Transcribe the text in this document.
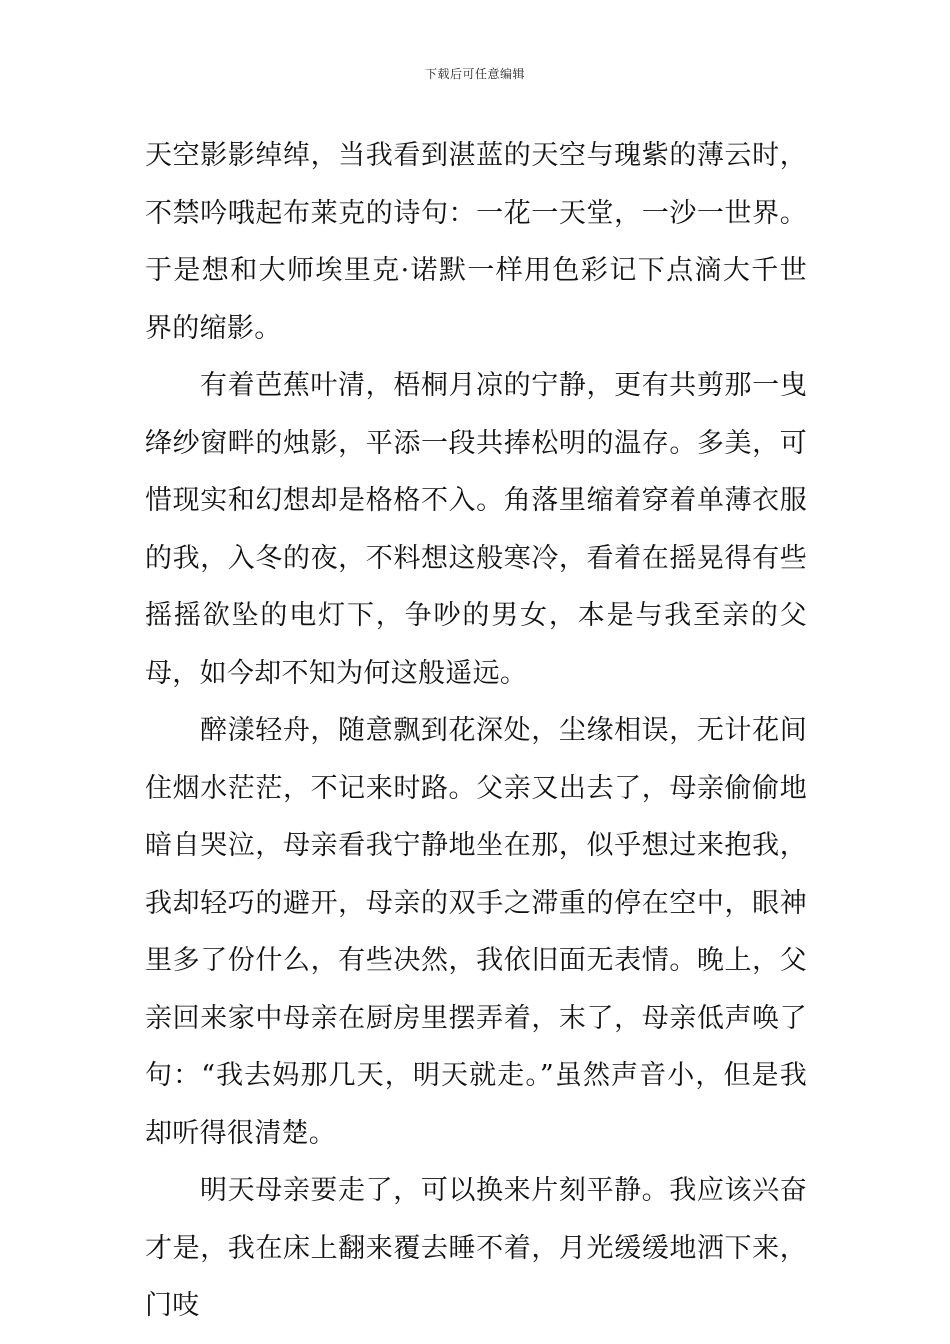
下载后可任意编辑

天空影影绰绰，当我看到湛蓝的天空与瑰紫的薄云时，不禁吟哦起布莱克的诗句：一花一天堂，一沙一世界。于是想和大师埃里克·诺默一样用色彩记下点滴大千世界的缩影。

有着芭蕉叶清，梧桐月凉的宁静，更有共剪那一曳绛纱窗畔的烛影，平添一段共捧松明的温存。多美，可惜现实和幻想却是格格不入。角落里缩着穿着单薄衣服的我，入冬的夜，不料想这般寒冷，看着在摇晃得有些摇摇欲坠的电灯下，争吵的男女，本是与我至亲的父母，如今却不知为何这般遥远。

醉漾轻舟，随意飘到花深处，尘缘相误，无计花间住烟水茫茫，不记来时路。父亲又出去了，母亲偷偷地暗自哭泣，母亲看我宁静地坐在那，似乎想过来抱我，我却轻巧的避开，母亲的双手之滞重的停在空中，眼神里多了份什么，有些决然，我依旧面无表情。晚上，父亲回来家中母亲在厨房里摆弄着，末了，母亲低声唤了句：“我去妈那几天，明天就走。”虽然声音小，但是我却听得很清楚。

明天母亲要走了，可以换来片刻平静。我应该兴奋才是，我在床上翻来覆去睡不着，月光缓缓地洒下来，门吱
